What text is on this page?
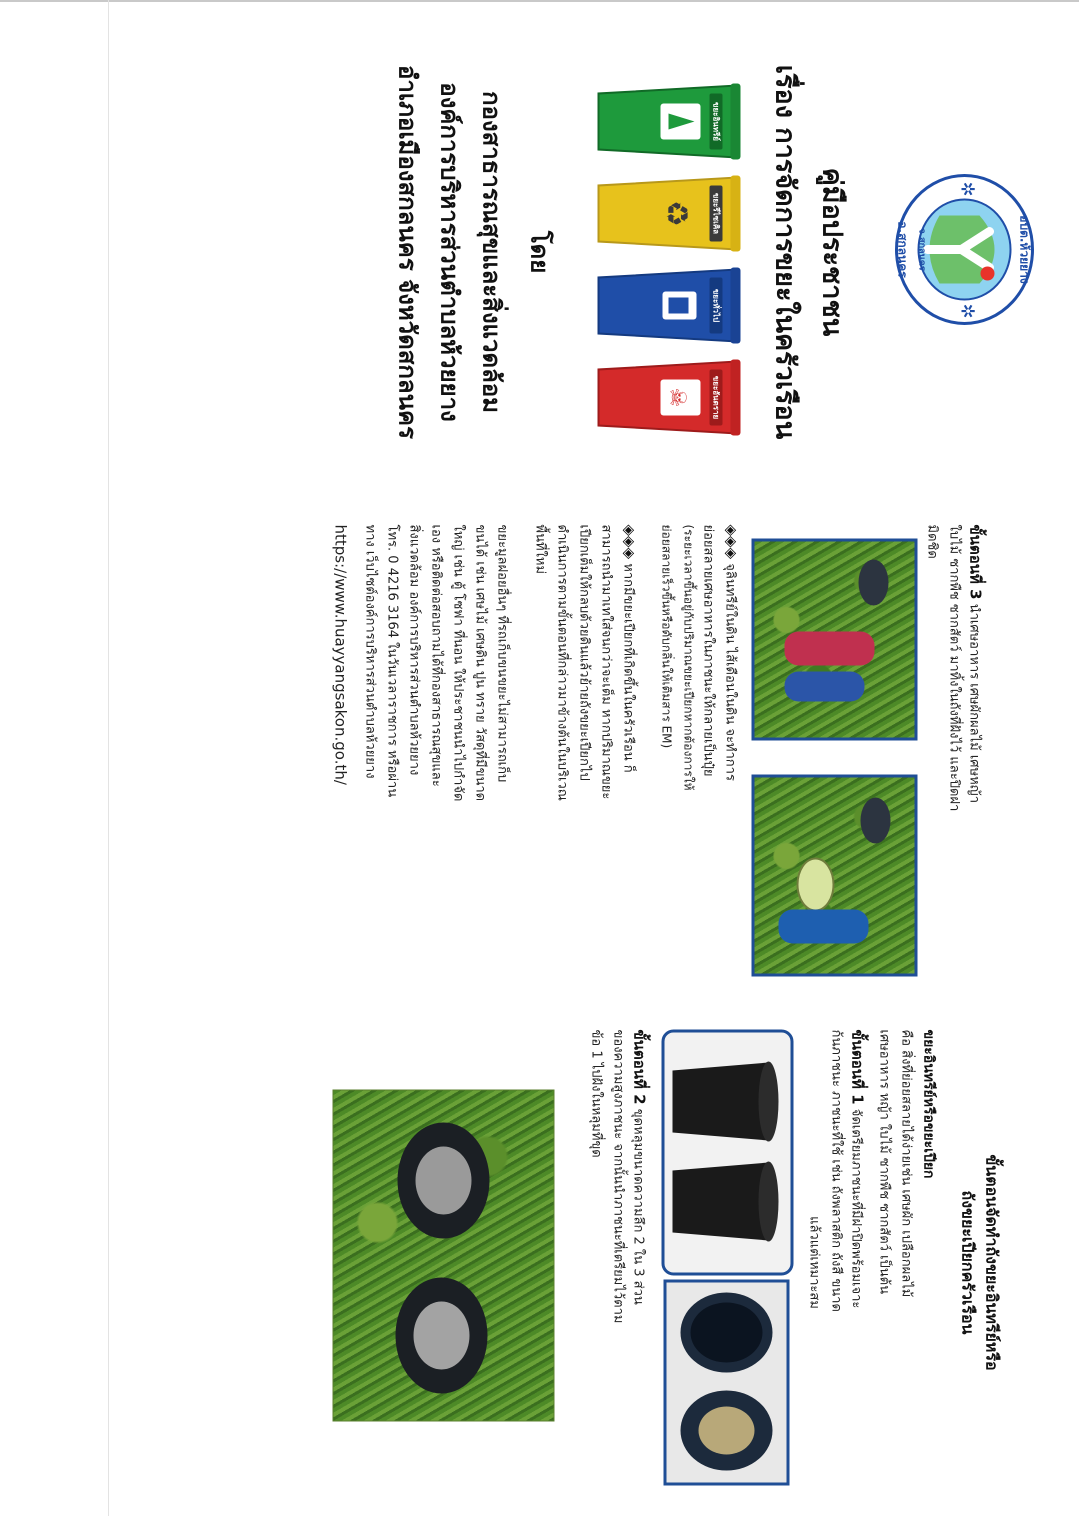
✲
✲
อบต.ห้วยยาง
อ.สกลนคร จ.สกลนคร
คู่มือประชาชน
เรื่อง การจัดการขยะในครัวเรือน
ขยะอินทรีย์
♻ ขยะรีไซเคิล
ขยะทั่วไป
☠	ขยะอันตราย
โดย
กองสาธารณสุขและสิ่งแวดล้อม
องค์การบริหารส่วนตำบลห้วยยาง
อำเภอเมืองสกลนคร จังหวัดสกลนคร
ขั้นตอนที่ 3 นำเศษอาหาร เศษผักผลไม้ เศษหญ้า
ใบไม้ ซากพืช ซากสัตว์ มาทิ้งในถังที่ฝังไว้ และปิดฝา
มิดชิด
◈◈◈ จุลินทรีย์ในดิน ไส้เดือนในดิน จะทำการ
ย่อยสลายเศษอาหารในภาชนะให้กลายเป็นปุ๋ย
(ระยะเวลาขึ้นอยู่กับปริมาณขยะเปียกหากต้องการให้
ย่อยสลายเร็วขึ้นหรือดับกลิ่นให้เติมสาร EM)
◈◈◈ หากมีขยะเปียกที่เกิดขึ้นในครัวเรือน ก็
สามารถนำมาเทใส่จนกว่าจะเต็ม หากปริมาณขยะ
เปียกเต็มให้กลบด้วยดินแล้วย้ายถังขยะเปียกไป
ดำเนินการตามขั้นตอนที่กล่าวมาข้างต้นในบริเวณ
พื้นที่ใหม่
ขยะมูลฝอยอื่นๆ ที่รถเก็บขนขยะไม่สามารถเก็บ
ขนได้ เช่น เศษไม้ เศษดิน ปูน ทราย วัสดุที่มีขนาด
ใหญ่ เช่น ตู้ โซฟา ที่นอน ให้ประชาชนนำไปกำจัด
เอง หรือติดต่อสอบถามได้ที่กองสาธารณสุขและ
สิ่งแวดล้อม องค์การบริหารส่วนตำบลห้วยยาง
โทร. 0 4216 3164 ในวันเวลาราชการ หรือผ่าน
ทาง เว็บไซต์องค์การบริหารส่วนตำบลห้วยยาง
https://www.huayyangsakon.go.th/
ขั้นตอนจัดทำถังขยะอินทรีย์หรือ
ถังขยะเปียกครัวเรือน
ขยะอินทรีย์หรือขยะเปียก
คือ สิ่งที่ย่อยสลายได้ง่ายเช่น เศษผัก เปลือกผลไม้
เศษอาหาร หญ้า ใบไม้ ซากพืช ซากสัตว์ เป็นต้น
ขั้นตอนที่ 1 จัดเตรียมภาชนะที่มีฝาปิดพร้อมเจาะ
ก้นภาชนะ ภาชนะที่ใช้ เช่น ถังพลาสติก ถังสี ขนาด
แล้วแต่เหมาะสม
ขั้นตอนที่ 2 ขุดหลุมขนาดความลึก 2 ใน 3 ส่วน
ของความสูงภาชนะ จากนั้นนำภาชนะที่เตรียมไว้ตาม
ข้อ 1 ไปฝังในหลุมที่ขุด
